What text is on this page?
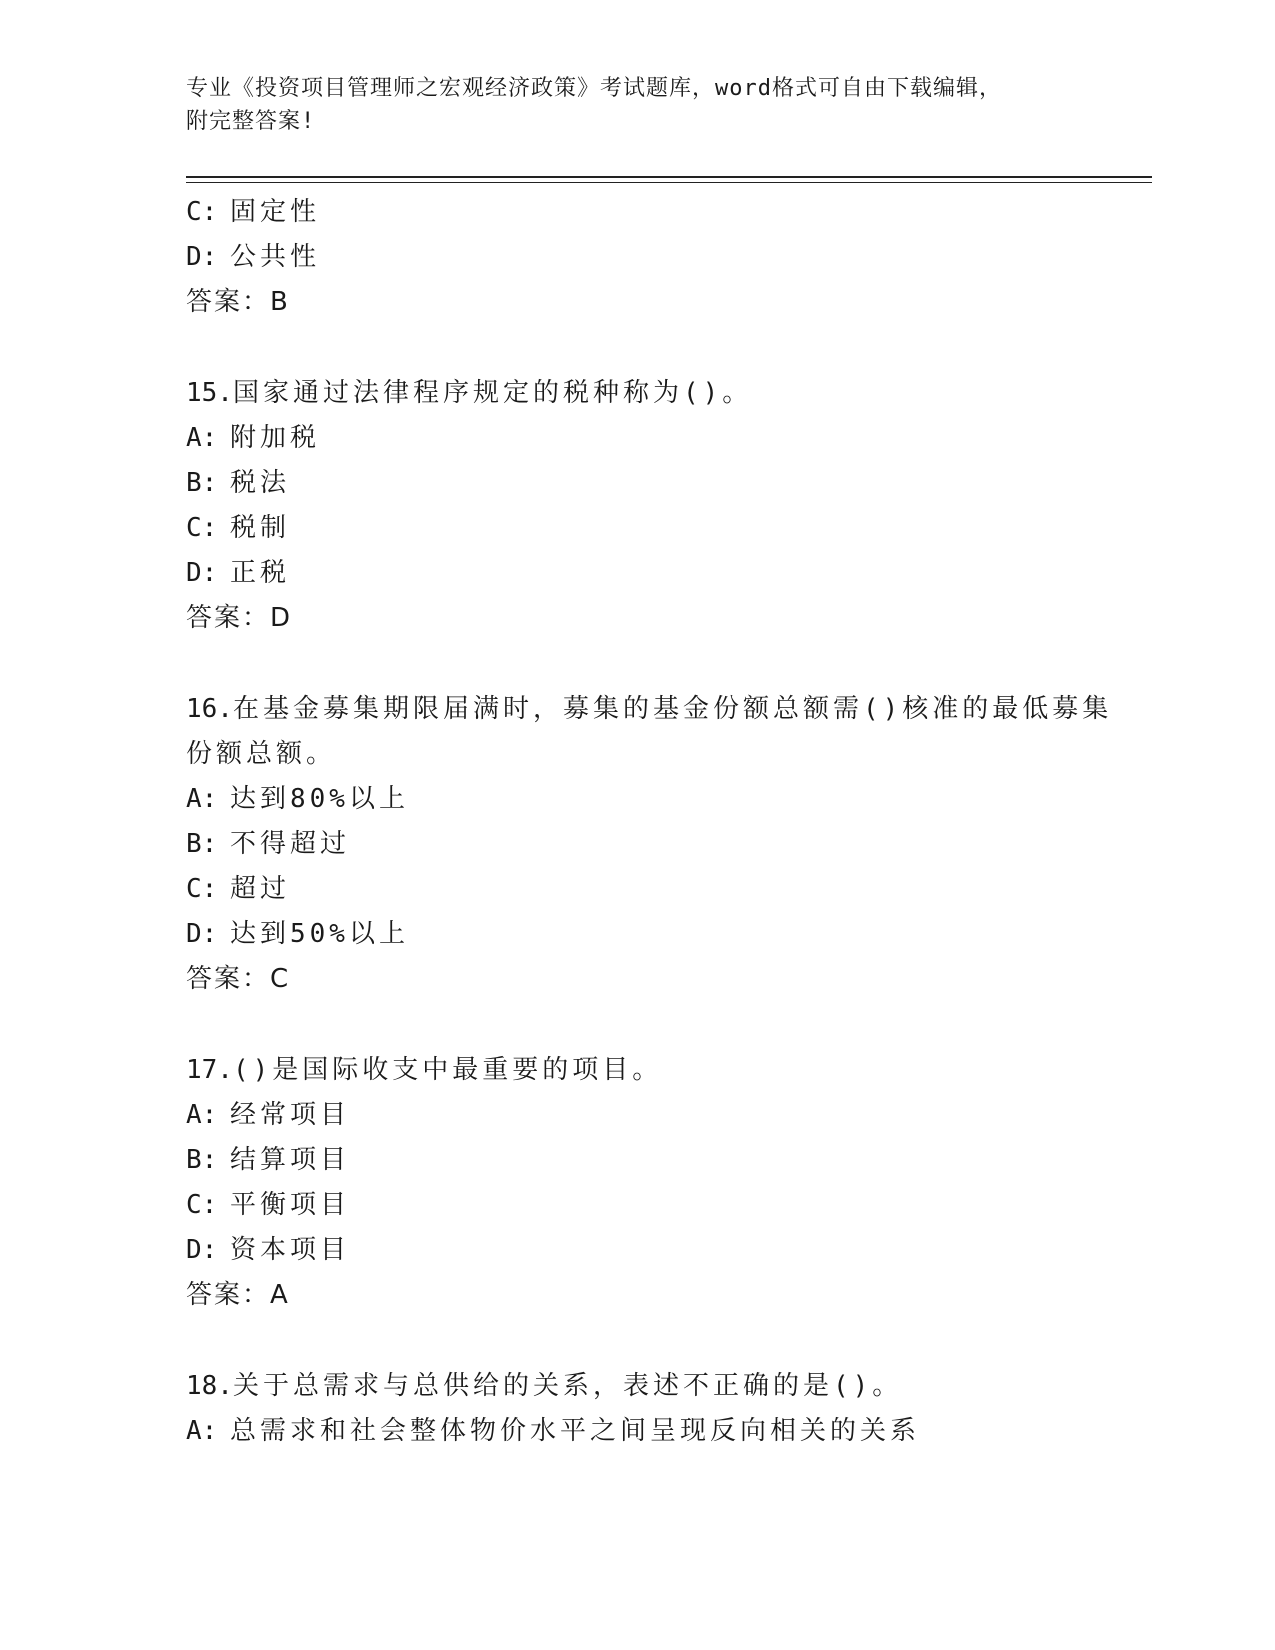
专业《投资项目管理师之宏观经济政策》考试题库，word格式可自由下载编辑，
附完整答案!
C: 固定性
D: 公共性
答案：B
15.国家通过法律程序规定的税种称为()。
A: 附加税
B: 税法
C: 税制
D: 正税
答案：D
16.在基金募集期限届满时，募集的基金份额总额需()核准的最低募集
份额总额。
A: 达到80%以上
B: 不得超过
C: 超过
D: 达到50%以上
答案：C
17.()是国际收支中最重要的项目。
A: 经常项目
B: 结算项目
C: 平衡项目
D: 资本项目
答案：A
18.关于总需求与总供给的关系，表述不正确的是()。
A: 总需求和社会整体物价水平之间呈现反向相关的关系
